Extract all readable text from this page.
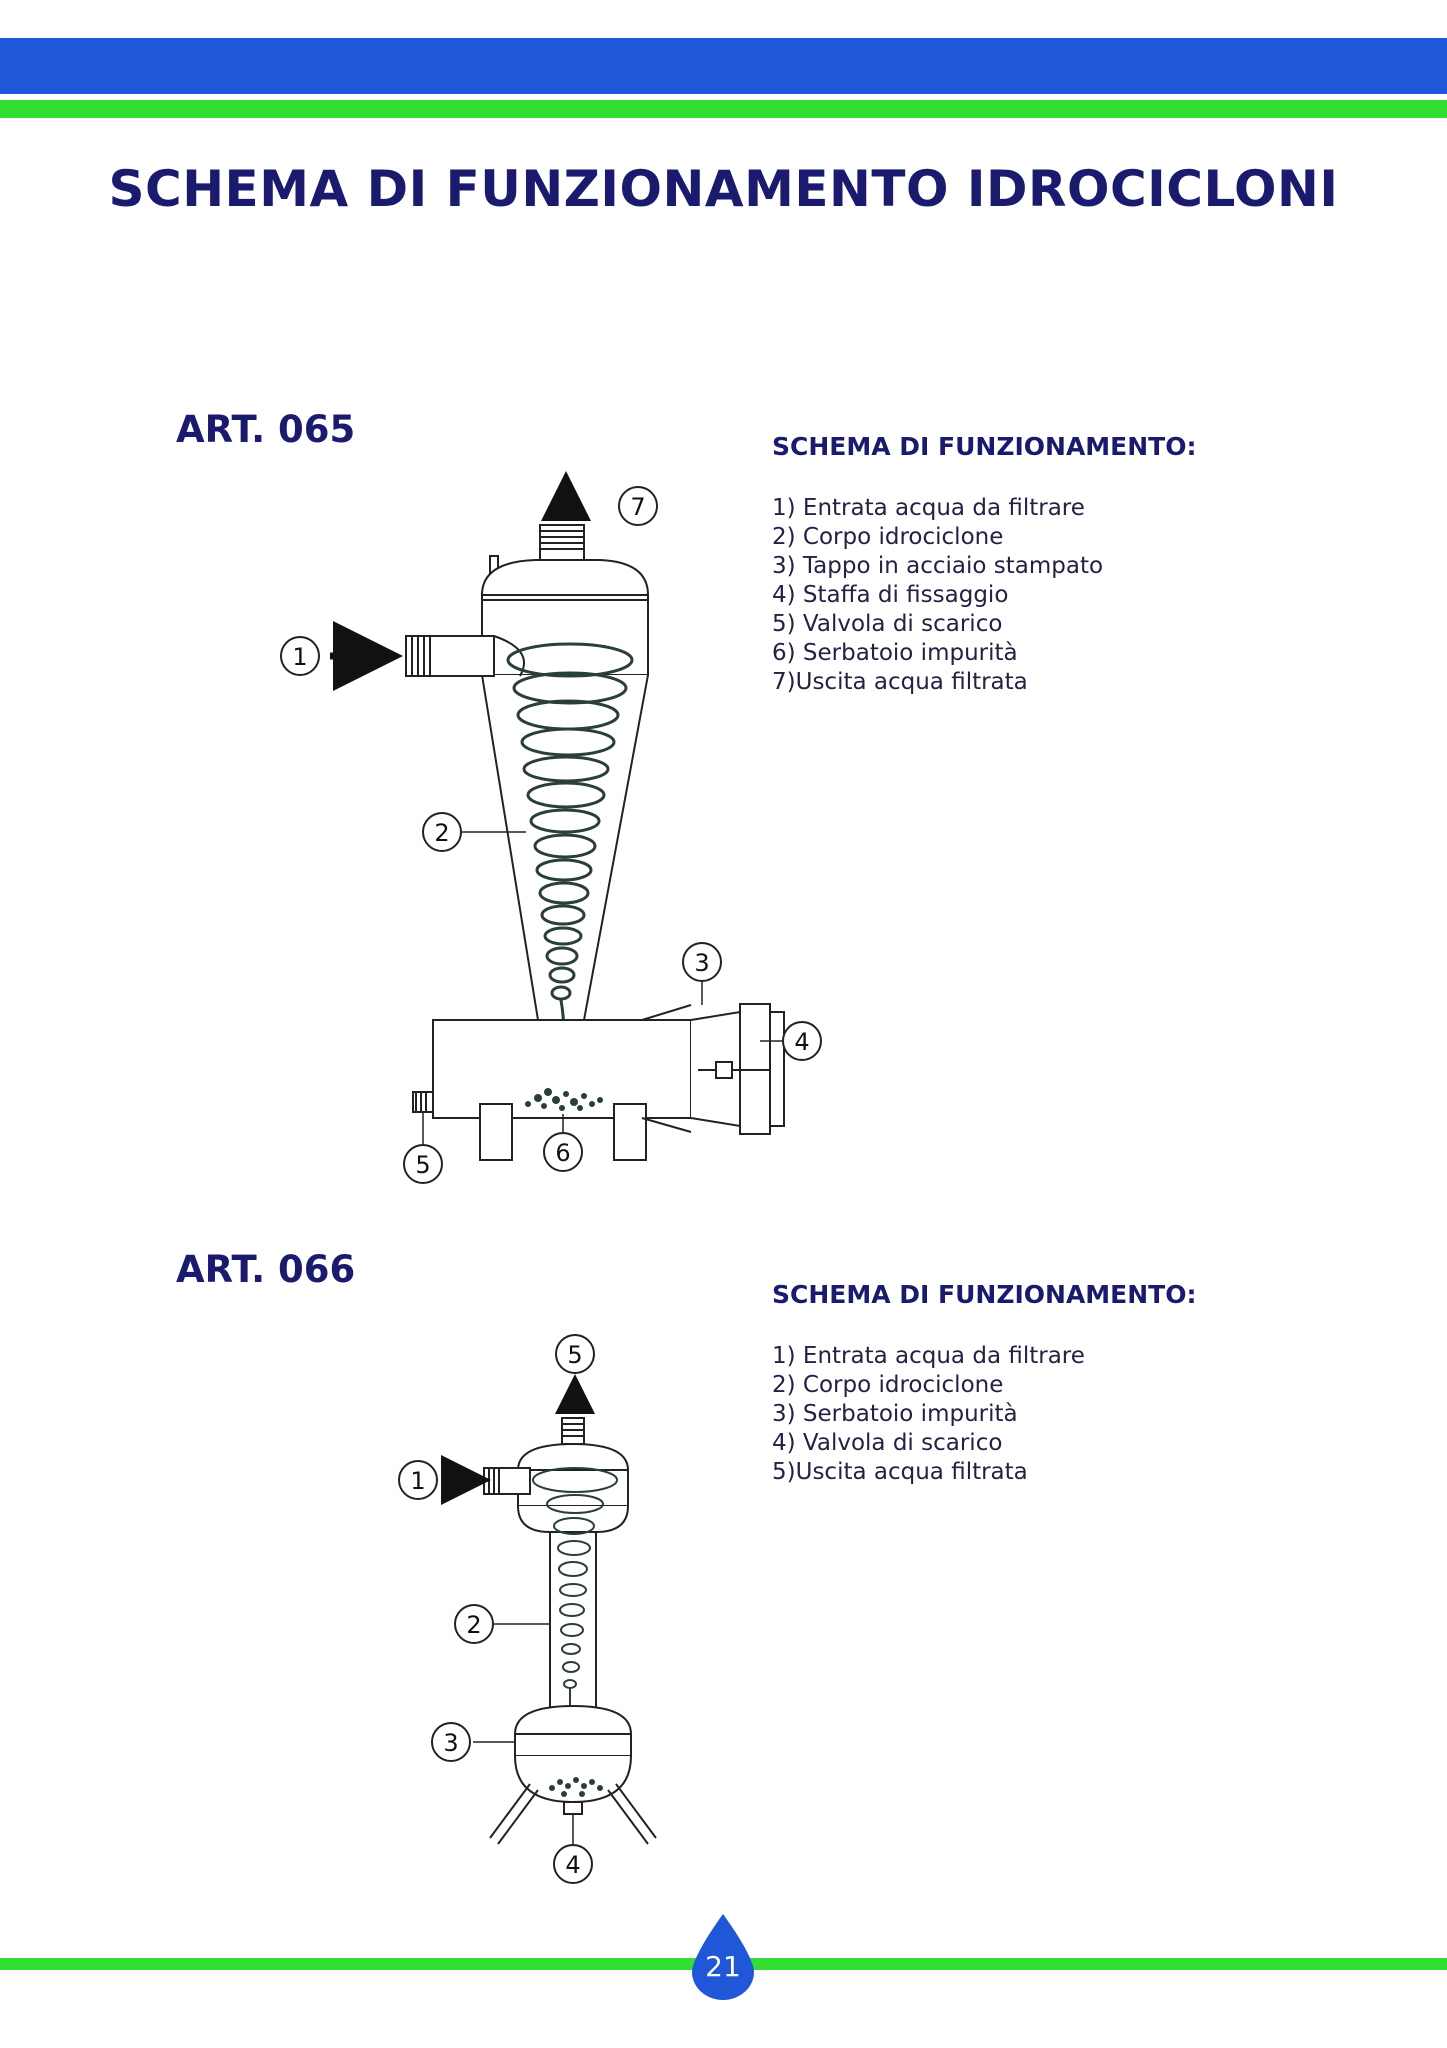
SCHEMA DI FUNZIONAMENTO IDROCICLONI
ART. 065	SCHEMA DI FUNZIONAMENTO:
1) Entrata acqua da filtrare
2) Corpo idrociclone
3) Tappo in acciaio stampato
4) Staffa di fissaggio
5) Valvola di scarico
6) Serbatoio impurità
7)Uscita acqua filtrata
ART. 066
SCHEMA DI FUNZIONAMENTO:
1) Entrata acqua da filtrare
2) Corpo idrociclone
3) Serbatoio impurità
4) Valvola di scarico
5)Uscita acqua filtrata
7
1
2
3
4
5	6
5
1
2
3
4
21
